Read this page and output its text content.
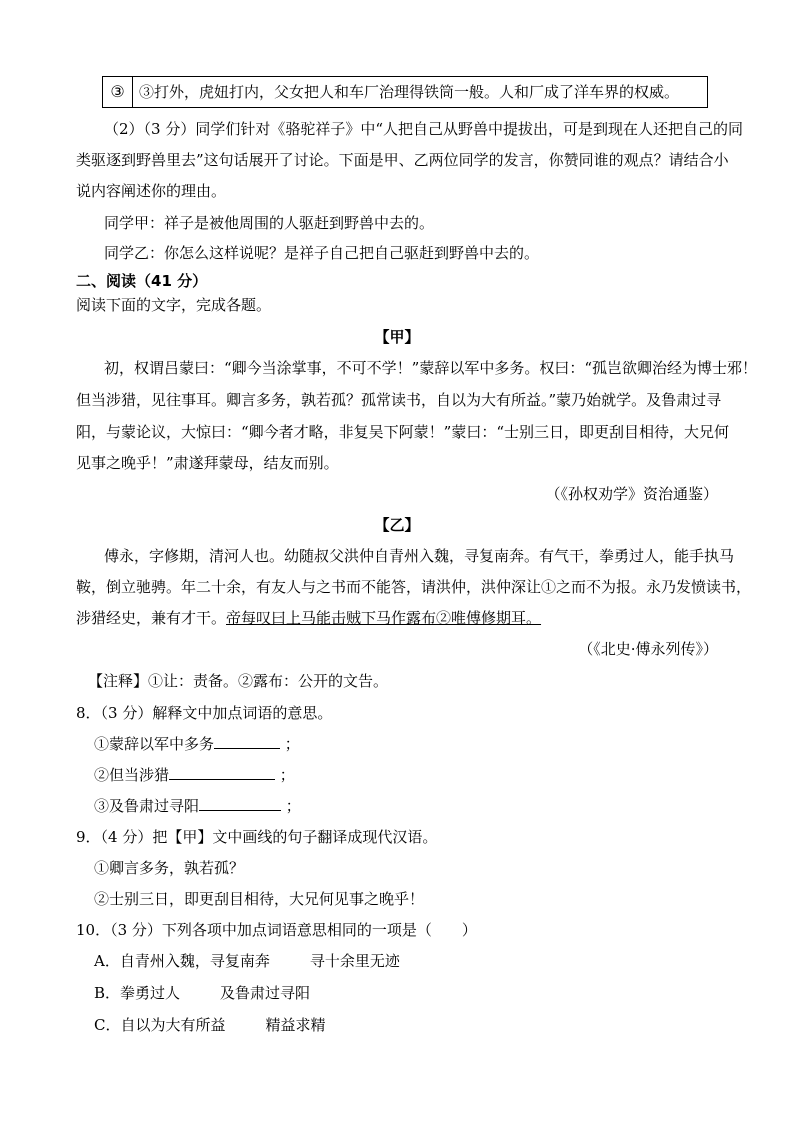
③ ③打外，虎妞打内，父女把人和车厂治理得铁筒一般。人和厂成了洋车界的权威。
（2）（3 分）同学们针对《骆驼祥子》中“人把自己从野兽中提拔出，可是到现在人还把自己的同
类驱逐到野兽里去”这句话展开了讨论。下面是甲、乙两位同学的发言，你赞同谁的观点？请结合小
说内容阐述你的理由。
同学甲：祥子是被他周围的人驱赶到野兽中去的。
同学乙：你怎么这样说呢？是祥子自己把自己驱赶到野兽中去的。
二、阅读（41 分）
阅读下面的文字，完成各题。
【甲】
初，权谓吕蒙曰：“卿今当涂掌事，不可不学！”蒙辞以军中多务。权曰：“孤岂欲卿治经为博士邪！
但当涉猎，见往事耳。卿言多务，孰若孤？孤常读书，自以为大有所益。”蒙乃始就学。及鲁肃过寻
阳，与蒙论议，大惊曰：“卿今者才略，非复吴下阿蒙！”蒙曰：“士别三日，即更刮目相待，大兄何
见事之晚乎！”肃遂拜蒙母，结友而别。
（《孙权劝学》资治通鉴）
【乙】
傅永，字修期，清河人也。幼随叔父洪仲自青州入魏，寻复南奔。有气干，拳勇过人，能手执马
鞍，倒立驰骋。年二十余，有友人与之书而不能答，请洪仲，洪仲深让①之而不为报。永乃发愤读书，
涉猎经史，兼有才干。帝每叹曰上马能击贼下马作露布②唯傅修期耳。
（《北史·傅永列传》）
【注释】①让：责备。②露布：公开的文告。
8．（3 分）解释文中加点词语的意思。
①蒙辞以军中多务	；
②但当涉猎	；
③及鲁肃过寻阳	；
9．（4 分）把【甲】文中画线的句子翻译成现代汉语。
①卿言多务，孰若孤？
②士别三日，即更刮目相待，大兄何见事之晚乎！
10．（3 分）下列各项中加点词语意思相同的一项是（　　）
A．自青州入魏，寻复南奔	寻十余里无迹
B．拳勇过人	及鲁肃过寻阳
C．自以为大有所益	精益求精
